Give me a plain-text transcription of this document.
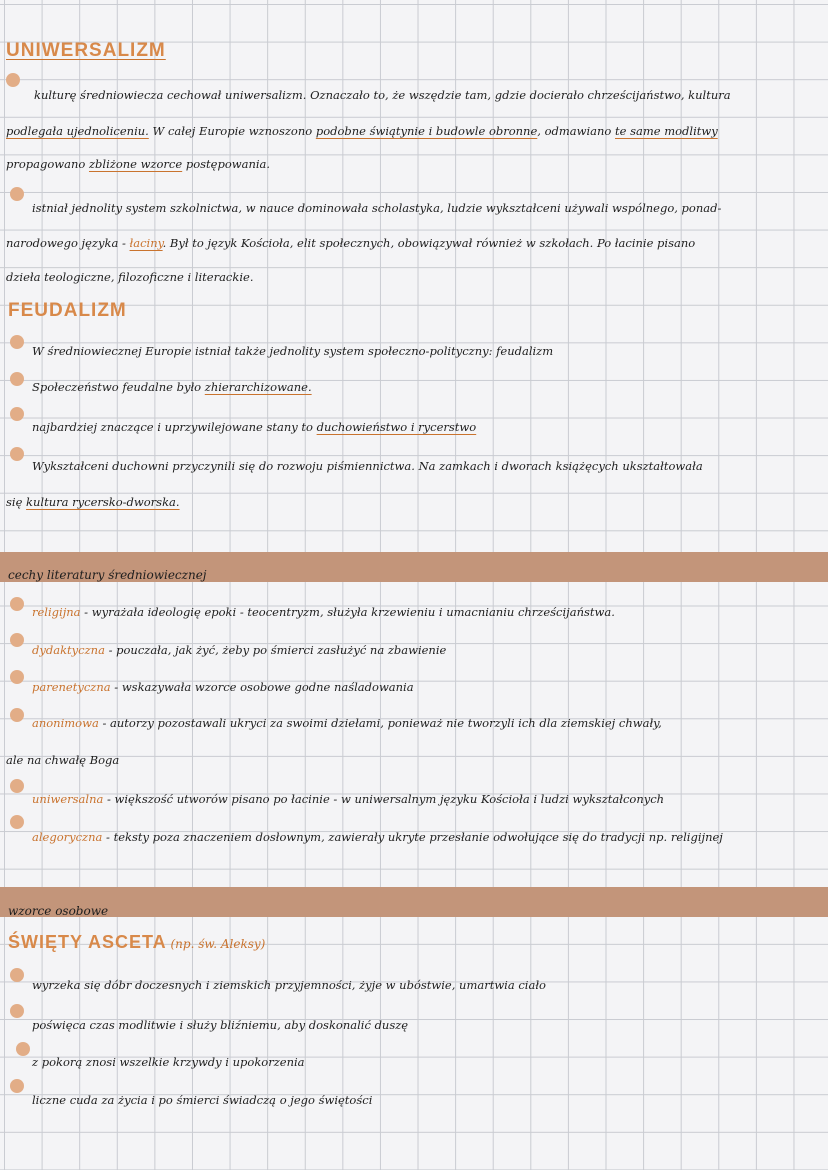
UNIWERSALIZM
kulturę średniowiecza cechował uniwersalizm. Oznaczało to, że wszędzie tam, gdzie docierało chrześcijaństwo, kultura
podlegała ujednoliceniu. W całej Europie wznoszono podobne świątynie i budowle obronne, odmawiano te same modlitwy
propagowano zbliżone wzorce postępowania.
istniał jednolity system szkolnictwa, w nauce dominowała scholastyka, ludzie wykształceni używali wspólnego, ponad-
narodowego języka - łaciny. Był to język Kościoła, elit społecznych, obowiązywał również w szkołach. Po łacinie pisano
dzieła teologiczne, filozoficzne i literackie.
FEUDALIZM
W średniowiecznej Europie istniał także jednolity system społeczno-polityczny: feudalizm
Społeczeństwo feudalne było zhierarchizowane.
najbardziej znaczące i uprzywilejowane stany to duchowieństwo i rycerstwo
Wykształceni duchowni przyczynili się do rozwoju piśmiennictwa. Na zamkach i dworach książęcych ukształtowała
się kultura rycersko-dworska.
cechy literatury średniowiecznej
religijna - wyrażała ideologię epoki - teocentryzm, służyła krzewieniu i umacnianiu chrześcijaństwa.
dydaktyczna - pouczała, jak żyć, żeby po śmierci zasłużyć na zbawienie
parenetyczna - wskazywała wzorce osobowe godne naśladowania
anonimowa - autorzy pozostawali ukryci za swoimi dziełami, ponieważ nie tworzyli ich dla ziemskiej chwały,
ale na chwałę Boga
uniwersalna - większość utworów pisano po łacinie - w uniwersalnym języku Kościoła i ludzi wykształconych
alegoryczna - teksty poza znaczeniem dosłownym, zawierały ukryte przesłanie odwołujące się do tradycji np. religijnej
wzorce osobowe
ŚWIĘTY ASCETA (np. św. Aleksy)
wyrzeka się dóbr doczesnych i ziemskich przyjemności, żyje w ubóstwie, umartwia ciało
poświęca czas modlitwie i służy bliźniemu, aby doskonalić duszę
z pokorą znosi wszelkie krzywdy i upokorzenia
liczne cuda za życia i po śmierci świadczą o jego świętości
